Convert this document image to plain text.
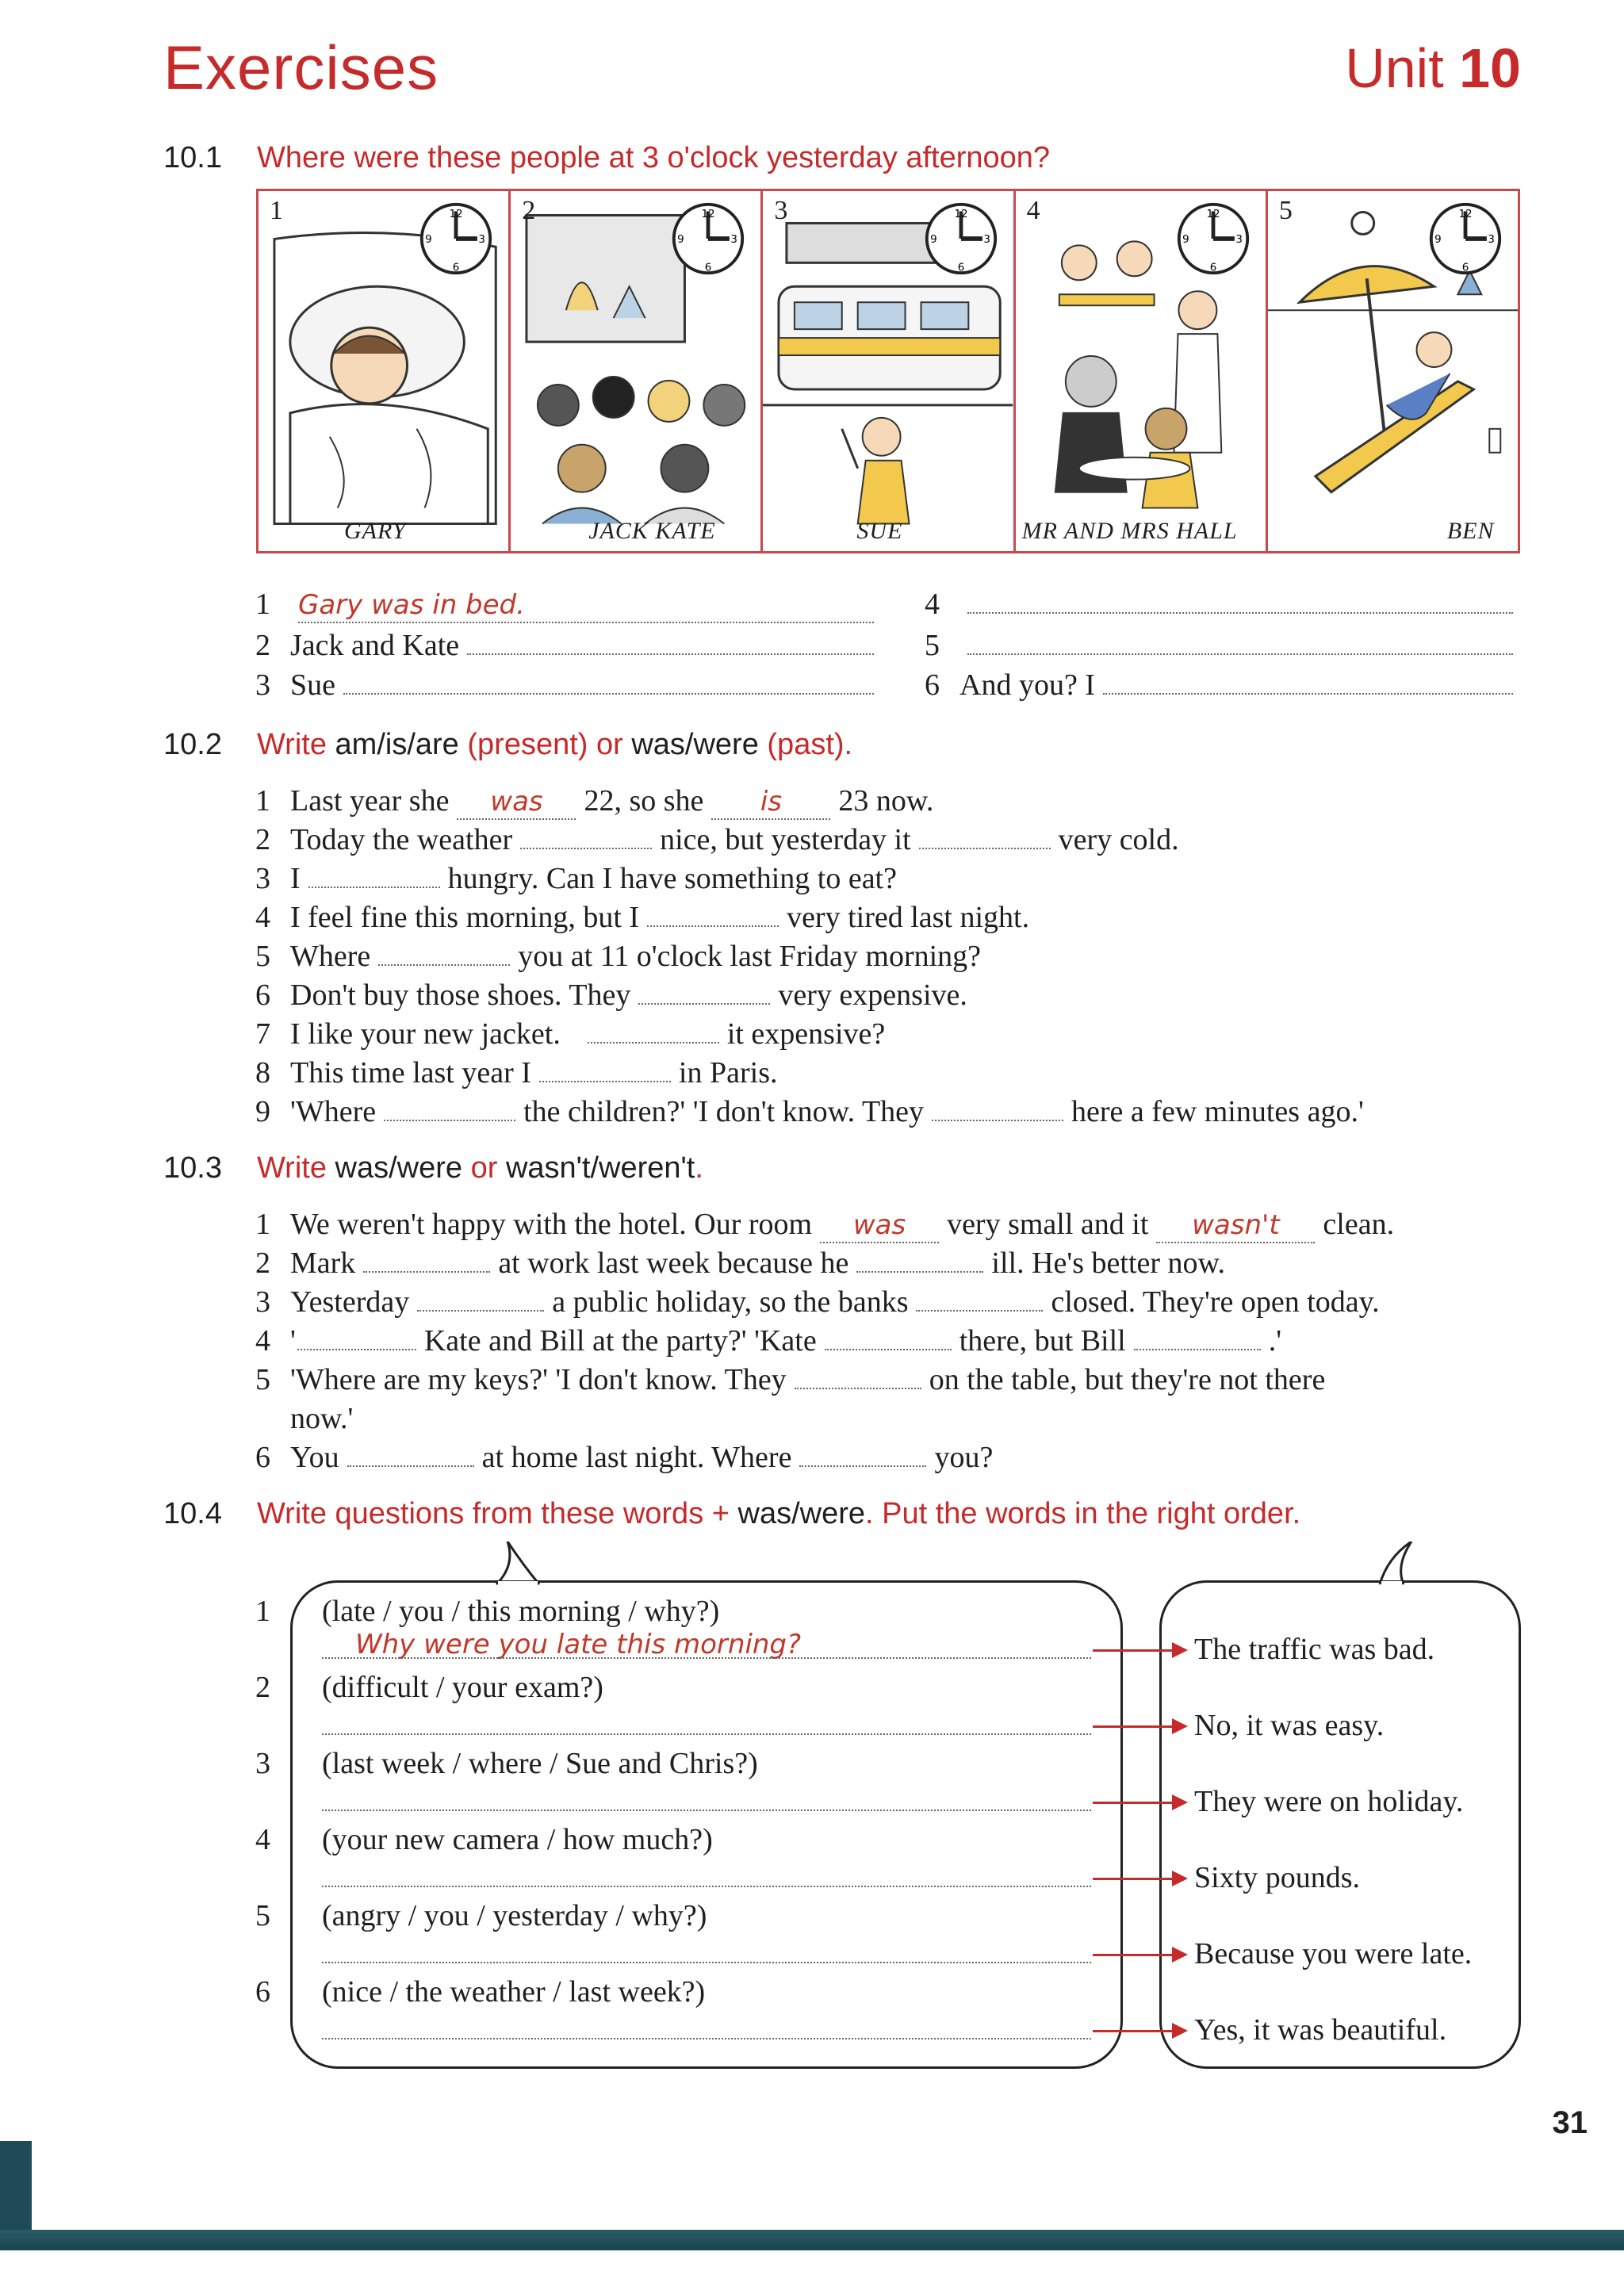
Exercises	Unit 10
10.1 Where were these people at 3 o'clock yesterday afternoon?
1	12
3
6
9
GARY
2	12
3
6
9
JACK KATE
3	12
3
6
9
SUE
4	12
3
6
9
MR AND MRS HALL
5	12
3
6
9
BEN
1	Gary was in bed.
2 Jack and Kate
3 Sue
4
5
6 And you? I
10.2 Write am/is/are (present) or was/were (past).
1 Last year she	was	22, so she	is	23 now.
2 Today the weather	nice, but yesterday it	very cold.
3 I	hungry. Can I have something to eat?
4 I feel fine this morning, but I	very tired last night.
5 Where	you at 11 o'clock last Friday morning?
6 Don't buy those shoes. They	very expensive.
7 I like your new jacket.	it expensive?
8 This time last year I	in Paris.
9 'Where	the children?' 'I don't know. They	here a few minutes ago.'
10.3 Write was/were or wasn't/weren't.
1 We weren't happy with the hotel. Our room	was	very small and it	wasn't	clean.
2 Mark	at work last week because he	ill. He's better now.
3 Yesterday	a public holiday, so the banks	closed. They're open today.
4 '	Kate and Bill at the party?' 'Kate	there, but Bill	.'
5 'Where are my keys?' 'I don't know. They	on the table, but they're not there
now.'
6 You	at home last night. Where	you?
10.4 Write questions from these words + was/were. Put the words in the right order.
1 (late / you / this morning / why?)
Why were you late this morning?	The traffic was bad.
2 (difficult / your exam?)
No, it was easy.
3 (last week / where / Sue and Chris?)
They were on holiday.
4 (your new camera / how much?)
Sixty pounds.
5 (angry / you / yesterday / why?)
Because you were late.
6 (nice / the weather / last week?)
Yes, it was beautiful.
31
